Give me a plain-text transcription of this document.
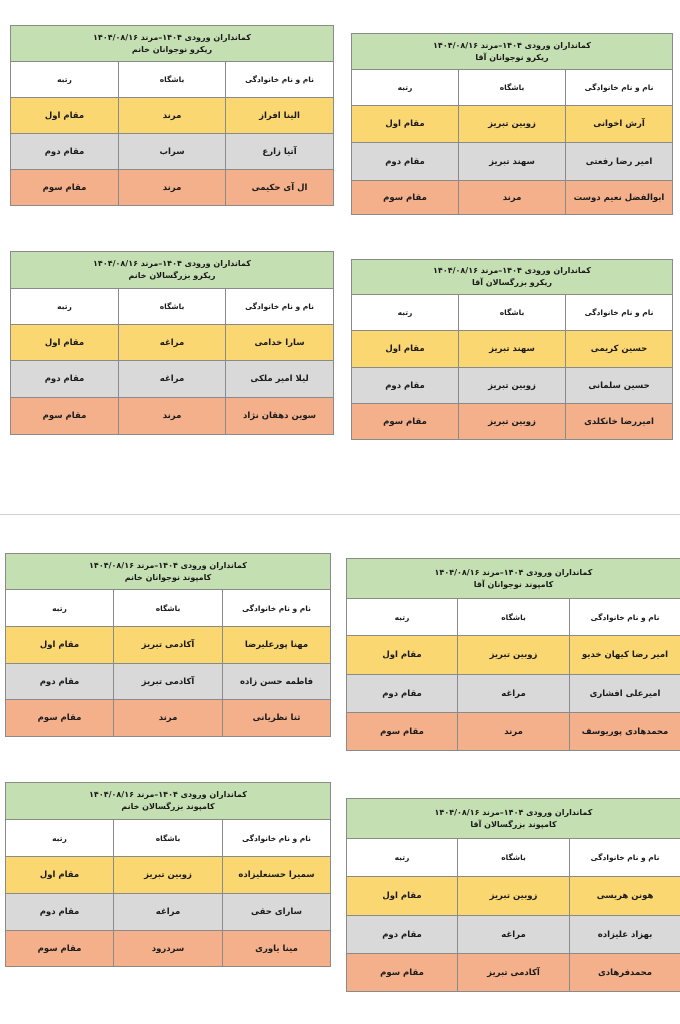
کمانداران ورودی ۱۴۰۴–مرند ۱۴۰۴/۰۸/۱۶
ریکرو نوجوانان خانم		

نام و نام خانوادگی	باشگاه	رتبه
الینا افراز	مرند	مقام اول
آتیا زارع	سراب	مقام دوم
ال آی حکیمی	مرند	مقام سوم
کمانداران ورودی ۱۴۰۴–مرند ۱۴۰۴/۰۸/۱۶
ریکرو نوجوانان آقا		

نام و نام خانوادگی	باشگاه	رتبه
آرش اخوانی	زوبین تبریز	مقام اول
امیر رضا رفعتی	سهند تبریز	مقام دوم
ابوالفضل نعیم دوست	مرند	مقام سوم
کمانداران ورودی ۱۴۰۴–مرند ۱۴۰۴/۰۸/۱۶
ریکرو بزرگسالان خانم		

نام و نام خانوادگی	باشگاه	رتبه
سارا خدامی	مراغه	مقام اول
لیلا امیر ملکی	مراغه	مقام دوم
سوین دهقان نژاد	مرند	مقام سوم
کمانداران ورودی ۱۴۰۴–مرند ۱۴۰۴/۰۸/۱۶
ریکرو بزرگسالان آقا		

نام و نام خانوادگی	باشگاه	رتبه
حسین کریمی	سهند تبریز	مقام اول
حسین سلمانی	زوبین تبریز	مقام دوم
امیررضا خانکلدی	زوبین تبریز	مقام سوم
کمانداران ورودی ۱۴۰۴–مرند ۱۴۰۴/۰۸/۱۶
کامپوند نوجوانان خانم		

نام و نام خانوادگی	باشگاه	رتبه
مهنا پورعلیرضا	آکادمی تبریز	مقام اول
فاطمه حسن زاده	آکادمی تبریز	مقام دوم
ثنا نظریانی	مرند	مقام سوم
کمانداران ورودی ۱۴۰۴–مرند ۱۴۰۴/۰۸/۱۶
کامپوند نوجوانان آقا		

نام و نام خانوادگی	باشگاه	رتبه
امیر رضا کیهان خدیو	زوبین تبریز	مقام اول
امیرعلی افشاری	مراغه	مقام دوم
محمدهادی پوریوسف	مرند	مقام سوم
کمانداران ورودی ۱۴۰۴–مرند ۱۴۰۴/۰۸/۱۶
کامپوند بزرگسالان خانم		

نام و نام خانوادگی	باشگاه	رتبه
سمیرا حسنعلیزاده	زوبین تبریز	مقام اول
سارای حقی	مراغه	مقام دوم
مینا یاوری	سردرود	مقام سوم
کمانداران ورودی ۱۴۰۴–مرند ۱۴۰۴/۰۸/۱۶
کامپوند بزرگسالان آقا		

نام و نام خانوادگی	باشگاه	رتبه
هونن هریسی	زوبین تبریز	مقام اول
بهزاد علیزاده	مراغه	مقام دوم
محمدفرهادی	آکادمی تبریز	مقام سوم
